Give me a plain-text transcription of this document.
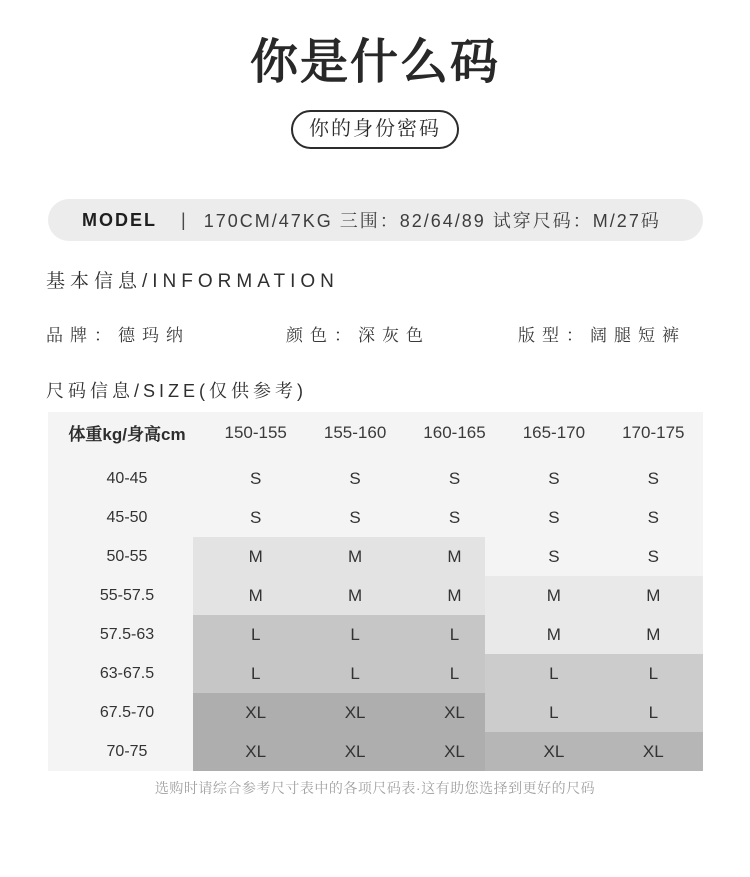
你是什么码
你的身份密码
MODEL | 170CM/47KG 三围：82/64/89 试穿尺码：M/27码
基本信息/INFORMATION
品牌：德玛纳	颜色：深灰色	版型：阔腿短裤
尺码信息/SIZE(仅供参考)
体重kg/身高cm	150-155	155-160	160-165	165-170	170-175
40-45	S	S	S	S	S
45-50	S	S	S	S	S
50-55	M	M	M	S	S
55-57.5	M	M	M	M	M
57.5-63	L	L	L	M	M
63-67.5	L	L	L	L	L
67.5-70	XL	XL	XL	L	L
70-75	XL	XL	XL	XL	XL
选购时请综合参考尺寸表中的各项尺码表·这有助您选择到更好的尺码
